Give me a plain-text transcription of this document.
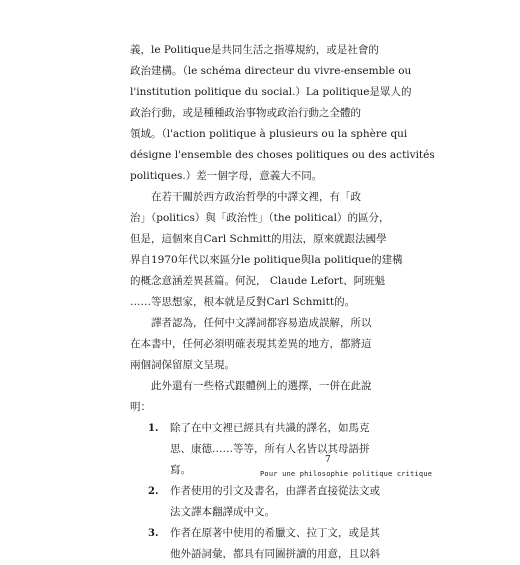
義，le Politique是共同生活之指導規約，或是社會的
政治建構。（le schéma directeur du vivre-ensemble ou
l'institution politique du social.）La politique是眾人的
政治行動，或是種種政治事物或政治行動之全體的
領域。（l'action politique à plusieurs ou la sphère qui
désigne l'ensemble des choses politiques ou des activités
politiques.）差一個字母，意義大不同。
在若干關於西方政治哲學的中譯文裡，有「政
治」（politics）與「政治性」（the political）的區分，
但是，這個來自Carl Schmitt的用法，原來就跟法國學
界自1970年代以來區分le politique與la politique的建構
的概念意涵差異甚篇。何況， Claude Lefort、阿班魁
……等思想家，根本就是反對Carl Schmitt的。
譯者認為，任何中文譯詞都容易造成誤解，所以
在本書中，任何必須明確表現其差異的地方，都將這
兩個詞保留原文呈現。
此外還有一些格式跟體例上的選擇，一併在此說
明：
1. 除了在中文裡已經具有共識的譯名，如馬克
思、康德……等等，所有人名皆以其母語拼
寫。
2. 作者使用的引文及書名，由譯者直接從法文或
法文譯本翻譯成中文。
3. 作者在原著中使用的希臘文、拉丁文，或是其
他外語詞彙，都具有同圖拼讀的用意，且以斜
7
Pour une philosophie politique critique
